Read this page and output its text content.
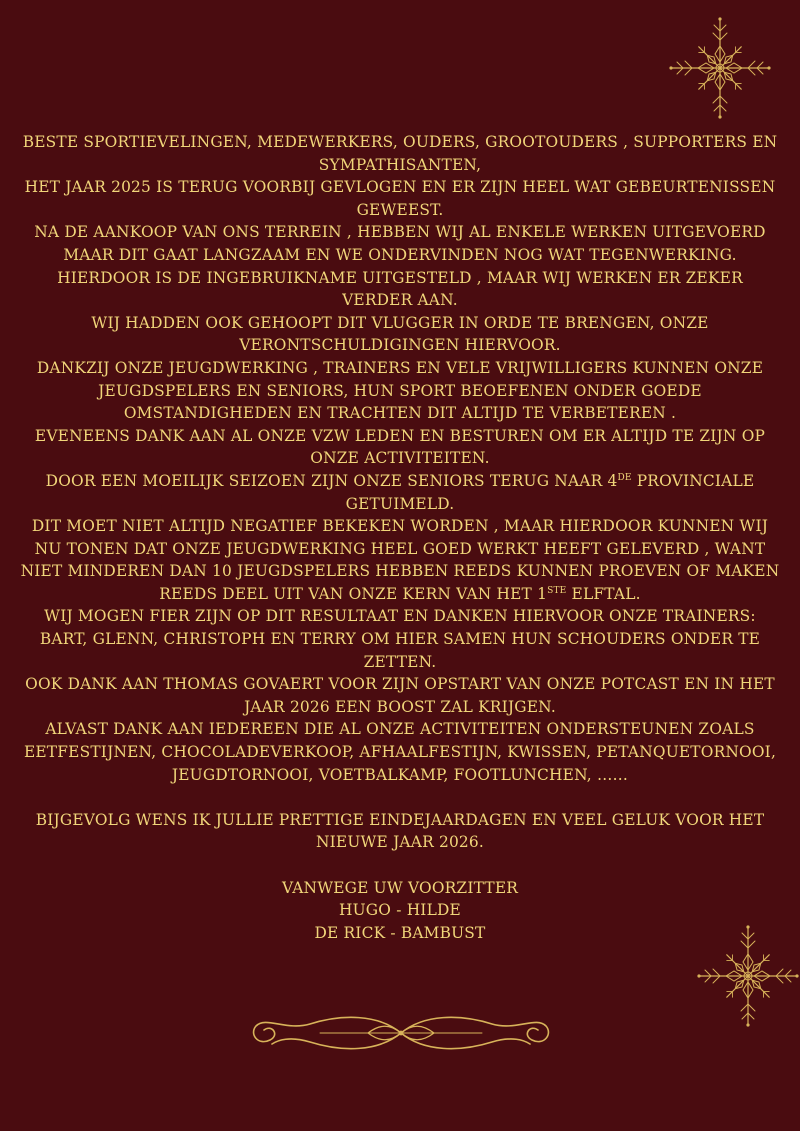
BESTE SPORTIEVELINGEN, MEDEWERKERS, OUDERS, GROOTOUDERS , SUPPORTERS EN SYMPATHISANTEN,

HET JAAR 2025 IS TERUG VOORBIJ GEVLOGEN EN ER ZIJN HEEL WAT GEBEURTENISSEN GEWEEST.

NA DE AANKOOP VAN ONS TERREIN , HEBBEN WIJ AL ENKELE WERKEN UITGEVOERD MAAR DIT GAAT LANGZAAM EN WE ONDERVINDEN NOG WAT TEGENWERKING.

HIERDOOR IS DE INGEBRUIKNAME UITGESTELD , MAAR WIJ WERKEN ER ZEKER VERDER AAN.

WIJ HADDEN OOK GEHOOPT DIT VLUGGER IN ORDE TE BRENGEN, ONZE VERONTSCHULDIGINGEN HIERVOOR.

DANKZIJ ONZE JEUGDWERKING , TRAINERS EN VELE VRIJWILLIGERS KUNNEN ONZE JEUGDSPELERS EN SENIORS, HUN SPORT BEOEFENEN ONDER GOEDE OMSTANDIGHEDEN EN TRACHTEN DIT ALTIJD TE VERBETEREN .

EVENEENS DANK AAN AL ONZE VZW LEDEN EN BESTUREN OM ER ALTIJD TE ZIJN OP ONZE ACTIVITEITEN.

DOOR EEN MOEILIJK SEIZOEN ZIJN ONZE SENIORS TERUG NAAR 4DE PROVINCIALE GETUIMELD.

DIT MOET NIET ALTIJD NEGATIEF BEKEKEN WORDEN , MAAR HIERDOOR KUNNEN WIJ NU TONEN DAT ONZE JEUGDWERKING HEEL GOED WERKT HEEFT GELEVERD , WANT NIET MINDEREN DAN 10 JEUGDSPELERS HEBBEN REEDS KUNNEN PROEVEN OF MAKEN REEDS DEEL UIT VAN ONZE KERN VAN HET 1STE ELFTAL.

WIJ MOGEN FIER ZIJN OP DIT RESULTAAT EN DANKEN HIERVOOR ONZE TRAINERS: BART, GLENN, CHRISTOPH EN TERRY OM HIER SAMEN HUN SCHOUDERS ONDER TE ZETTEN.

OOK DANK AAN THOMAS GOVAERT VOOR ZIJN OPSTART VAN ONZE POTCAST EN IN HET JAAR 2026 EEN BOOST ZAL KRIJGEN.

ALVAST DANK AAN IEDEREEN DIE AL ONZE ACTIVITEITEN ONDERSTEUNEN ZOALS EETFESTIJNEN, CHOCOLADEVERKOOP, AFHAALFESTIJN, KWISSEN, PETANQUETORNOOI, JEUGDTORNOOI, VOETBALKAMP, FOOTLUNCHEN, ……

BIJGEVOLG WENS IK JULLIE PRETTIGE EINDEJAARDAGEN EN VEEL GELUK VOOR HET NIEUWE JAAR 2026.

VANWEGE UW VOORZITTER

HUGO - HILDE

DE RICK - BAMBUST
